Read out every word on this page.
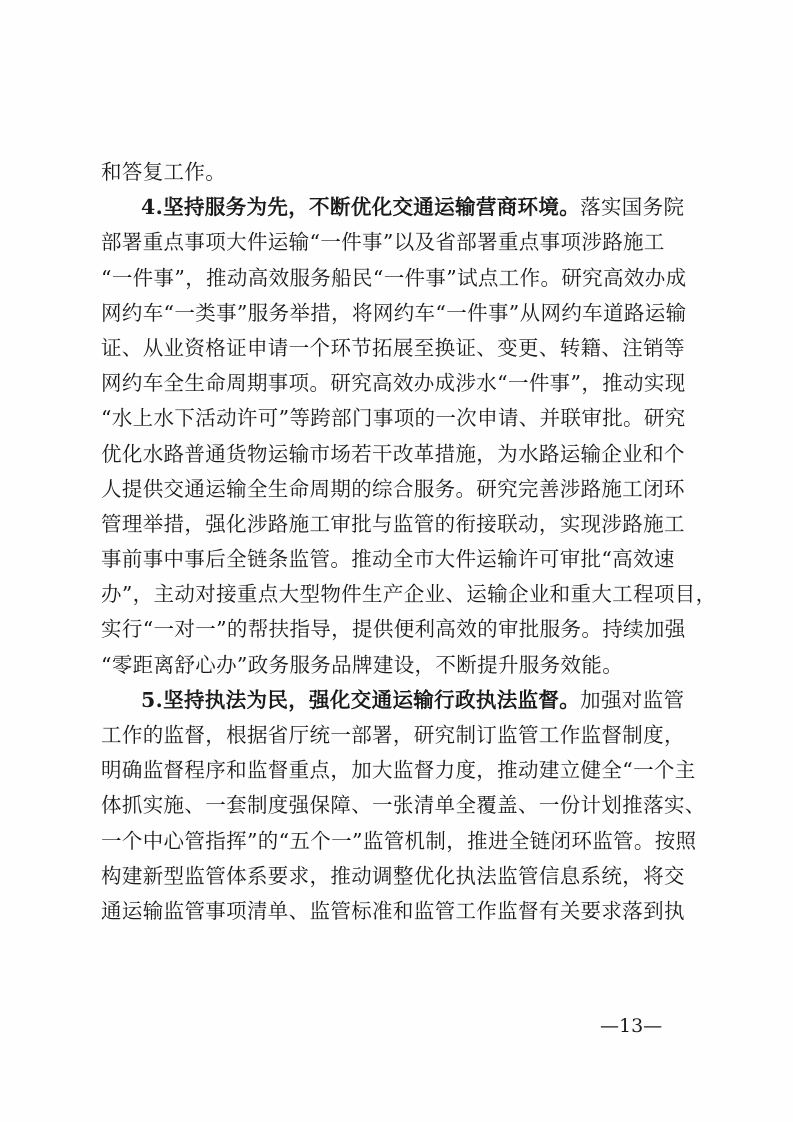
和答复工作。
4.坚持服务为先，不断优化交通运输营商环境。落实国务院
部署重点事项大件运输“一件事”以及省部署重点事项涉路施工
“一件事”，推动高效服务船民“一件事”试点工作。研究高效办成
网约车“一类事”服务举措，将网约车“一件事”从网约车道路运输
证、从业资格证申请一个环节拓展至换证、变更、转籍、注销等
网约车全生命周期事项。研究高效办成涉水“一件事”，推动实现
“水上水下活动许可”等跨部门事项的一次申请、并联审批。研究
优化水路普通货物运输市场若干改革措施，为水路运输企业和个
人提供交通运输全生命周期的综合服务。研究完善涉路施工闭环
管理举措，强化涉路施工审批与监管的衔接联动，实现涉路施工
事前事中事后全链条监管。推动全市大件运输许可审批“高效速
办”，主动对接重点大型物件生产企业、运输企业和重大工程项目，
实行“一对一”的帮扶指导，提供便利高效的审批服务。持续加强
“零距离舒心办”政务服务品牌建设，不断提升服务效能。
5.坚持执法为民，强化交通运输行政执法监督。加强对监管
工作的监督，根据省厅统一部署，研究制订监管工作监督制度，
明确监督程序和监督重点，加大监督力度，推动建立健全“一个主
体抓实施、一套制度强保障、一张清单全覆盖、一份计划推落实、
一个中心管指挥”的“五个一”监管机制，推进全链闭环监管。按照
构建新型监管体系要求，推动调整优化执法监管信息系统，将交
通运输监管事项清单、监管标准和监管工作监督有关要求落到执
—13—
